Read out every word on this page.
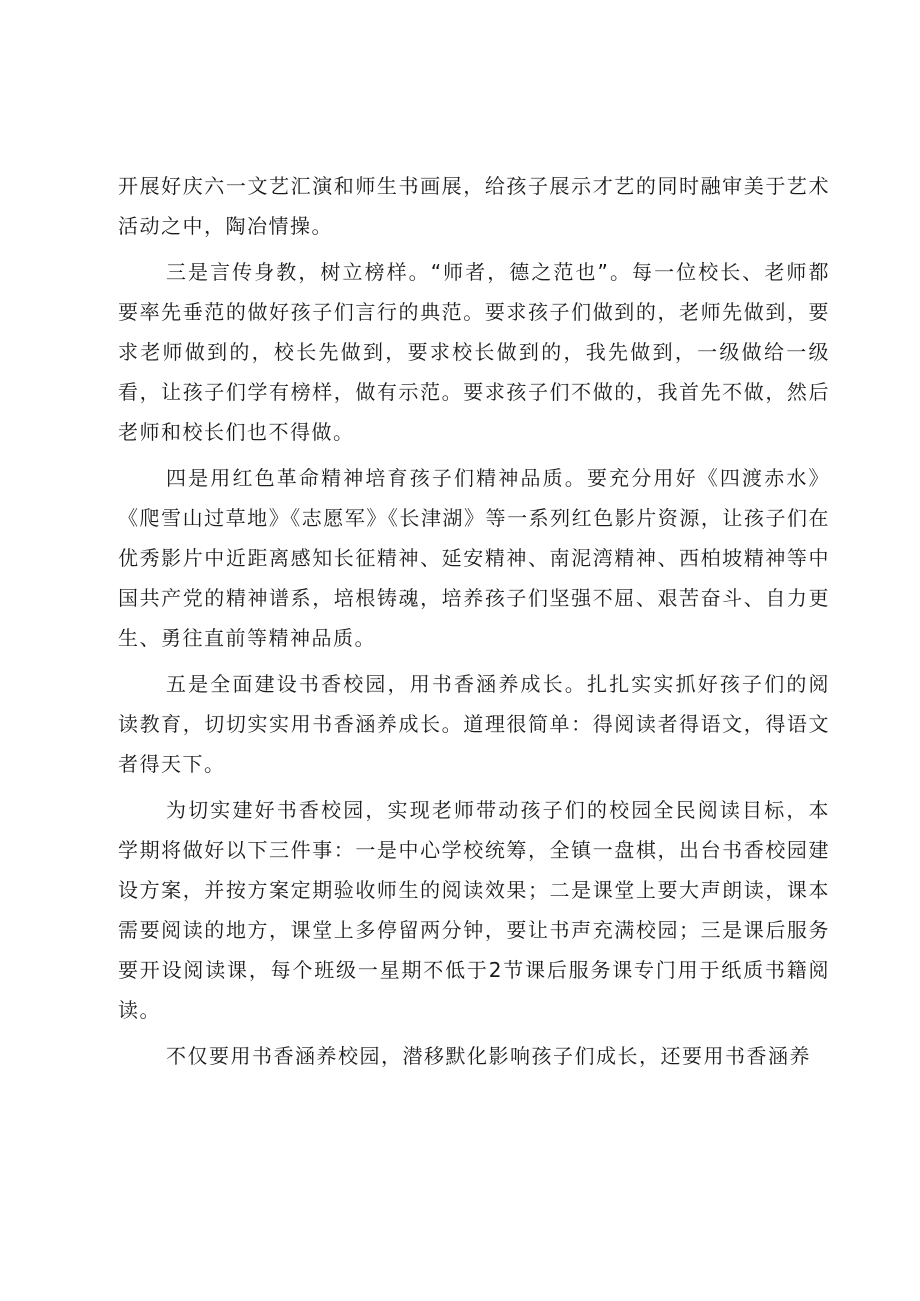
开展好庆六一文艺汇演和师生书画展，给孩子展示才艺的同时融审美于艺术活动之中，陶冶情操。

三是言传身教，树立榜样。“师者，德之范也”。每一位校长、老师都要率先垂范的做好孩子们言行的典范。要求孩子们做到的，老师先做到，要求老师做到的，校长先做到，要求校长做到的，我先做到，一级做给一级看，让孩子们学有榜样，做有示范。要求孩子们不做的，我首先不做，然后老师和校长们也不得做。

四是用红色革命精神培育孩子们精神品质。要充分用好《四渡赤水》《爬雪山过草地》《志愿军》《长津湖》等一系列红色影片资源，让孩子们在优秀影片中近距离感知长征精神、延安精神、南泥湾精神、西柏坡精神等中国共产党的精神谱系，培根铸魂，培养孩子们坚强不屈、艰苦奋斗、自力更生、勇往直前等精神品质。

五是全面建设书香校园，用书香涵养成长。扎扎实实抓好孩子们的阅读教育，切切实实用书香涵养成长。道理很简单：得阅读者得语文，得语文者得天下。

为切实建好书香校园，实现老师带动孩子们的校园全民阅读目标，本学期将做好以下三件事：一是中心学校统筹，全镇一盘棋，出台书香校园建设方案，并按方案定期验收师生的阅读效果；二是课堂上要大声朗读，课本需要阅读的地方，课堂上多停留两分钟，要让书声充满校园；三是课后服务要开设阅读课，每个班级一星期不低于2节课后服务课专门用于纸质书籍阅读。

不仅要用书香涵养校园，潜移默化影响孩子们成长，还要用书香涵养
